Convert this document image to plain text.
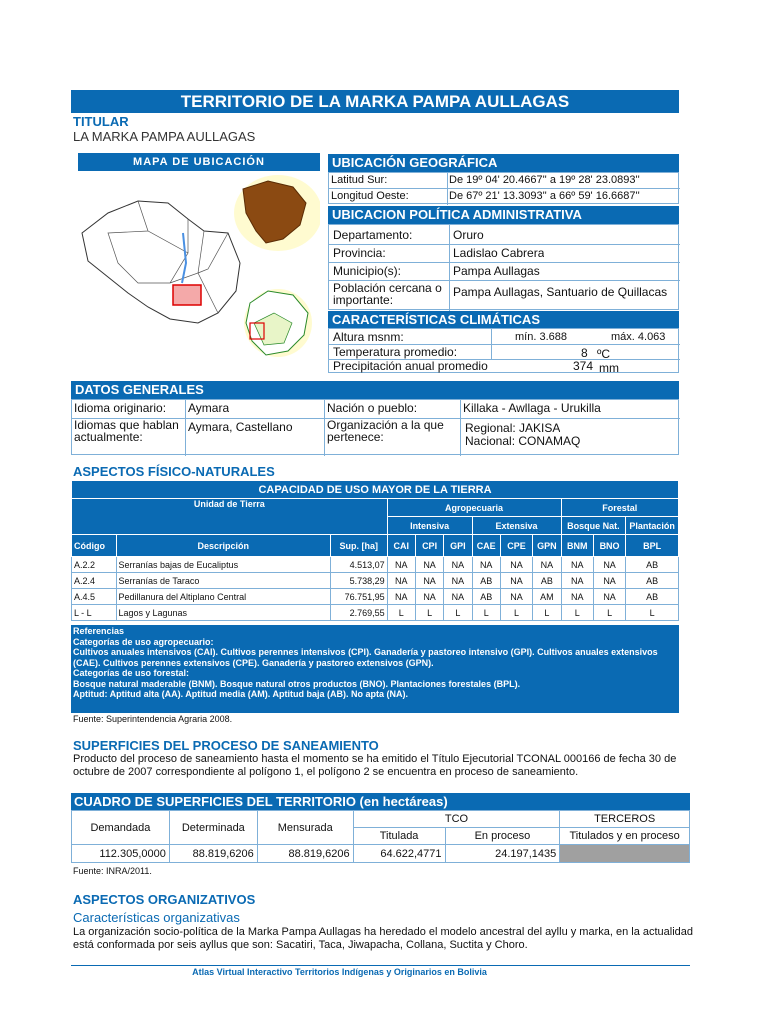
TERRITORIO DE LA MARKA PAMPA AULLAGAS
TITULAR
LA MARKA PAMPA AULLAGAS
MAPA DE UBICACIÓN	UBICACIÓN GEOGRÁFICA
Latitud Sur:	De 19º 04' 20.4667'' a 19º 28' 23.0893''
Longitud Oeste:	De 67º 21' 13.3093'' a 66º 59' 16.6687''
UBICACION POLÍTICA ADMINISTRATIVA
Departamento:	Oruro
Provincia:	Ladislao Cabrera
Municipio(s):	Pampa Aullagas
Población cercana o importante:
Pampa Aullagas, Santuario de Quillacas
CARACTERÍSTICAS CLIMÁTICAS
Altura msnm:	mín. 3.688	máx. 4.063
Temperatura promedio:	8 ºC
Precipitación anual promedio	374 mm
DATOS GENERALES
Idioma originario: Aymara	Nación o pueblo:	Killaka - Awllaga - Urukilla
Idiomas que hablan actualmente:
Aymara, Castellano	Organización a la que pertenece:
Regional: JAKISA
Nacional: CONAMAQ
ASPECTOS FÍSICO-NATURALES
CAPACIDAD DE USO MAYOR DE LA TIERRA											
Unidad de Tierra			Agropecuaria						Forestal		
			Intensiva			Extensiva			Bosque Nat.		Plantación
Código	Descripción	Sup. [ha]	CAI	CPI	GPI	CAE	CPE	GPN	BNM	BNO	BPL
A.2.2	Serranías bajas de Eucaliptus	4.513,07	NA	NA	NA	NA	NA	NA	NA	NA	AB
A.2.4	Serranías de Taraco	5.738,29	NA	NA	NA	AB	NA	AB	NA	NA	AB
A.4.5	Pedillanura del Altiplano Central	76.751,95	NA	NA	NA	AB	NA	AM	NA	NA	AB
L - L	Lagos y Lagunas	2.769,55	L	L	L	L	L	L	L	L	L
Referencias
Categorías de uso agropecuario:
Cultivos anuales intensivos (CAI). Cultivos perennes intensivos (CPI). Ganadería y pastoreo intensivo (GPI). Cultivos anuales extensivos (CAE). Cultivos perennes extensivos (CPE). Ganadería y pastoreo extensivos (GPN).
Categorías de uso forestal:
Bosque natural maderable (BNM). Bosque natural otros productos (BNO). Plantaciones forestales (BPL).
Aptitud: Aptitud alta (AA). Aptitud media (AM). Aptitud baja (AB). No apta (NA).
Fuente: Superintendencia Agraria 2008.
SUPERFICIES DEL PROCESO DE SANEAMIENTO
Producto del proceso de saneamiento hasta el momento se ha emitido el Título Ejecutorial TCONAL 000166 de fecha 30 de octubre de 2007 correspondiente al polígono 1, el polígono 2 se encuentra en proceso de saneamiento.
CUADRO DE SUPERFICIES DEL TERRITORIO (en hectáreas)
Demandada	Determinada	Mensurada	TCO		TERCEROS
			Titulada	En proceso	Titulados y en proceso
112.305,0000	88.819,6206	88.819,6206	64.622,4771	24.197,1435	
Fuente: INRA/2011.
ASPECTOS ORGANIZATIVOS
Características organizativas
La organización socio-política de la Marka Pampa Aullagas ha heredado el modelo ancestral del ayllu y marka, en la actualidad está conformada por seis ayllus que son: Sacatiri, Taca, Jiwapacha, Collana, Suctita y Choro.
Atlas Virtual Interactivo Territorios Indígenas y Originarios en Bolivia
